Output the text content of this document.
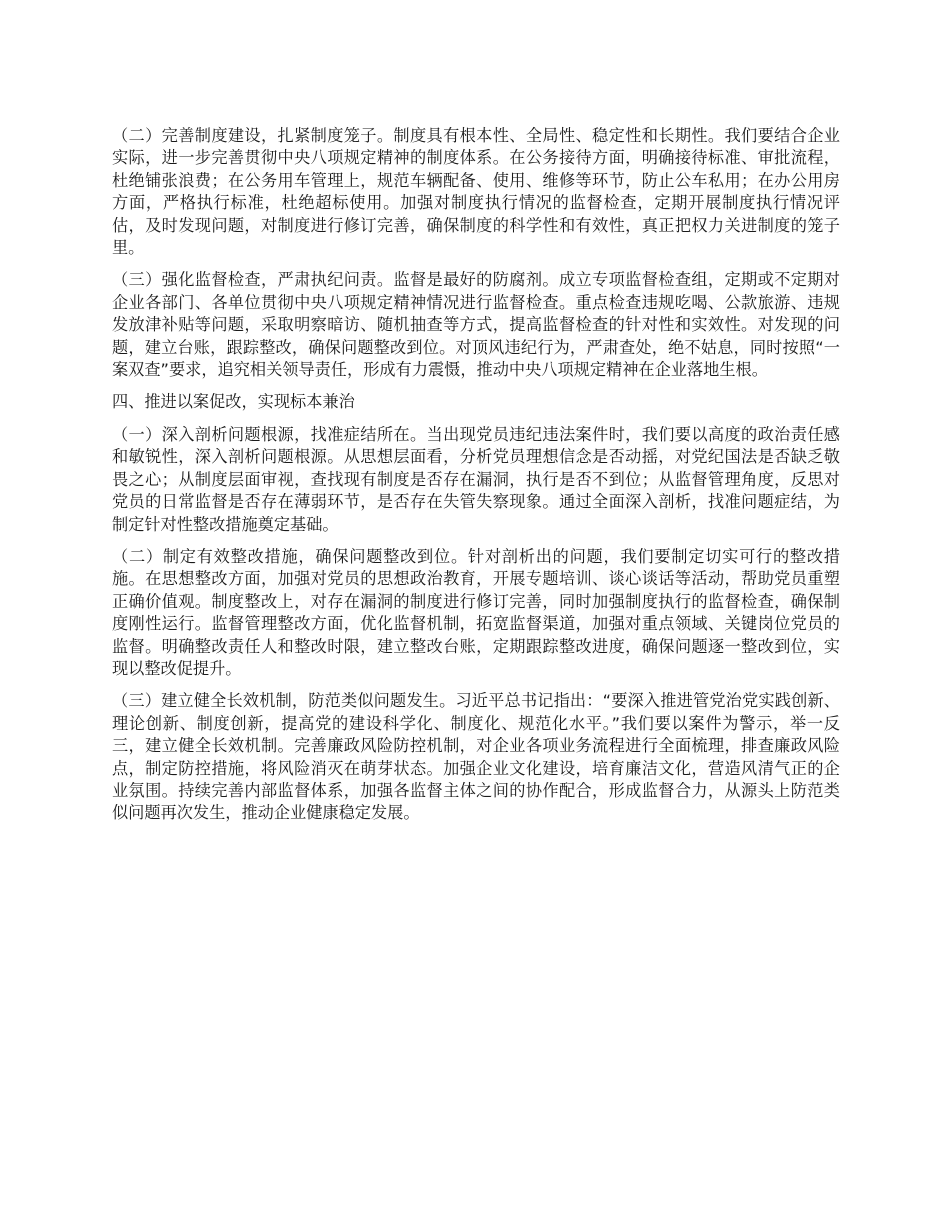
（二）完善制度建设，扎紧制度笼子。制度具有根本性、全局性、稳定性和长期性。我们要结合企业实际，进一步完善贯彻中央八项规定精神的制度体系。在公务接待方面，明确接待标准、审批流程，杜绝铺张浪费；在公务用车管理上，规范车辆配备、使用、维修等环节，防止公车私用；在办公用房方面，严格执行标准，杜绝超标使用。加强对制度执行情况的监督检查，定期开展制度执行情况评估，及时发现问题，对制度进行修订完善，确保制度的科学性和有效性，真正把权力关进制度的笼子里。

（三）强化监督检查，严肃执纪问责。监督是最好的防腐剂。成立专项监督检查组，定期或不定期对企业各部门、各单位贯彻中央八项规定精神情况进行监督检查。重点检查违规吃喝、公款旅游、违规发放津补贴等问题，采取明察暗访、随机抽查等方式，提高监督检查的针对性和实效性。对发现的问题，建立台账，跟踪整改，确保问题整改到位。对顶风违纪行为，严肃查处，绝不姑息，同时按照“一案双查”要求，追究相关领导责任，形成有力震慑，推动中央八项规定精神在企业落地生根。

四、推进以案促改，实现标本兼治

（一）深入剖析问题根源，找准症结所在。当出现党员违纪违法案件时，我们要以高度的政治责任感和敏锐性，深入剖析问题根源。从思想层面看，分析党员理想信念是否动摇，对党纪国法是否缺乏敬畏之心；从制度层面审视，查找现有制度是否存在漏洞，执行是否不到位；从监督管理角度，反思对党员的日常监督是否存在薄弱环节，是否存在失管失察现象。通过全面深入剖析，找准问题症结，为制定针对性整改措施奠定基础。

（二）制定有效整改措施，确保问题整改到位。针对剖析出的问题，我们要制定切实可行的整改措施。在思想整改方面，加强对党员的思想政治教育，开展专题培训、谈心谈话等活动，帮助党员重塑正确价值观。制度整改上，对存在漏洞的制度进行修订完善，同时加强制度执行的监督检查，确保制度刚性运行。监督管理整改方面，优化监督机制，拓宽监督渠道，加强对重点领域、关键岗位党员的监督。明确整改责任人和整改时限，建立整改台账，定期跟踪整改进度，确保问题逐一整改到位，实现以整改促提升。

（三）建立健全长效机制，防范类似问题发生。习近平总书记指出：“要深入推进管党治党实践创新、理论创新、制度创新，提高党的建设科学化、制度化、规范化水平。”我们要以案件为警示，举一反三，建立健全长效机制。完善廉政风险防控机制，对企业各项业务流程进行全面梳理，排查廉政风险点，制定防控措施，将风险消灭在萌芽状态。加强企业文化建设，培育廉洁文化，营造风清气正的企业氛围。持续完善内部监督体系，加强各监督主体之间的协作配合，形成监督合力，从源头上防范类似问题再次发生，推动企业健康稳定发展。
